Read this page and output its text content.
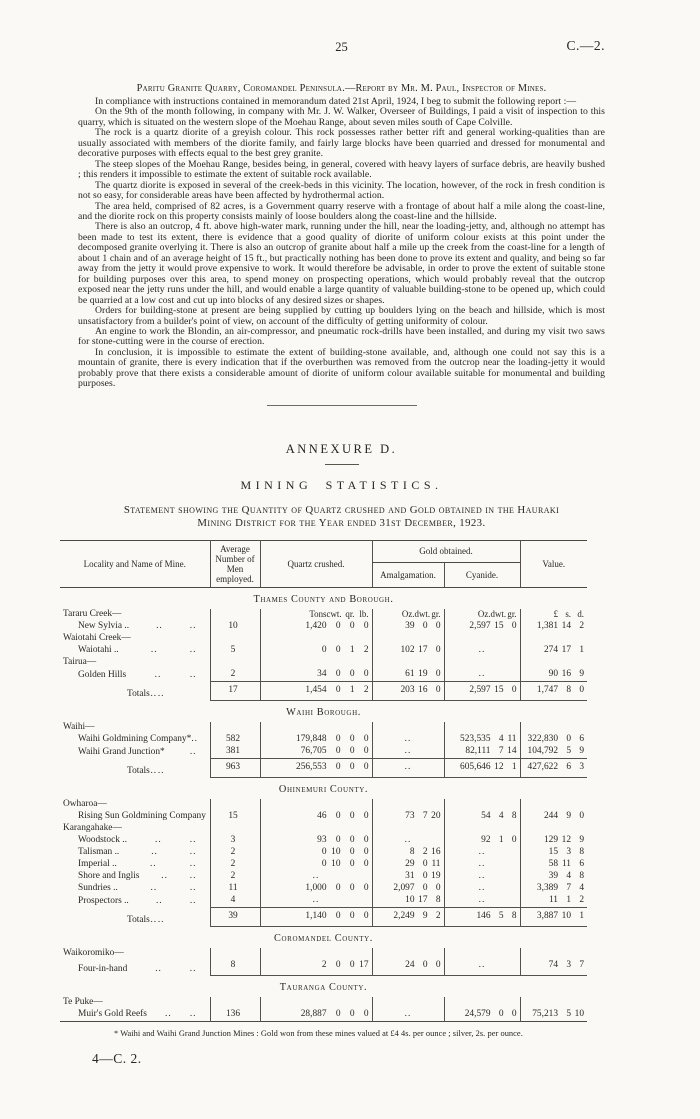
25	C.—2.
Paritu Granite Quarry, Coromandel Peninsula.—Report by Mr. M. Paul, Inspector of Mines.

In compliance with instructions contained in memorandum dated 21st April, 1924, I beg to submit the following report :—

On the 9th of the month following, in company with Mr. J. W. Walker, Overseer of Buildings, I paid a visit of inspection to this quarry, which is situated on the western slope of the Moehau Range, about seven miles south of Cape Colville.

The rock is a quartz diorite of a greyish colour. This rock possesses rather better rift and general working-qualities than are usually associated with members of the diorite family, and fairly large blocks have been quarried and dressed for monumental and decorative purposes with effects equal to the best grey granite.

The steep slopes of the Moehau Range, besides being, in general, covered with heavy layers of surface debris, are heavily bushed ; this renders it impossible to estimate the extent of suitable rock available.

The quartz diorite is exposed in several of the creek-beds in this vicinity. The location, however, of the rock in fresh condition is not so easy, for considerable areas have been affected by hydrothermal action.

The area held, comprised of 82 acres, is a Government quarry reserve with a frontage of about half a mile along the coast-line, and the diorite rock on this property consists mainly of loose boulders along the coast-line and the hillside.

There is also an outcrop, 4 ft. above high-water mark, running under the hill, near the loading-jetty, and, although no attempt has been made to test its extent, there is evidence that a good quality of diorite of uniform colour exists at this point under the decomposed granite overlying it. There is also an outcrop of granite about half a mile up the creek from the coast-line for a length of about 1 chain and of an average height of 15 ft., but practically nothing has been done to prove its extent and quality, and being so far away from the jetty it would prove expensive to work. It would therefore be advisable, in order to prove the extent of suitable stone for building purposes over this area, to spend money on prospecting operations, which would probably reveal that the outcrop exposed near the jetty runs under the hill, and would enable a large quantity of valuable building-stone to be opened up, which could be quarried at a low cost and cut up into blocks of any desired sizes or shapes.

Orders for building-stone at present are being supplied by cutting up boulders lying on the beach and hillside, which is most unsatisfactory from a builder's point of view, on account of the difficulty of getting uniformity of colour.

An engine to work the Blondin, an air-compressor, and pneumatic rock-drills have been installed, and during my visit two saws for stone-cutting were in the course of erection.

In conclusion, it is impossible to estimate the extent of building-stone available, and, although one could not say this is a mountain of granite, there is every indication that if the overburthen was removed from the outcrop near the loading-jetty it would probably prove that there exists a considerable amount of diorite of uniform colour available suitable for monumental and building purposes.

ANNEXURE D.
MINING STATISTICS.
Statement showing the Quantity of Quartz crushed and Gold obtained in the Hauraki
Mining District for the Year ended 31st December, 1923.
Locality and Name of Mine.	Average Number of Men employed.	Quartz crushed.	Gold obtained.		Value.
			Amalgamation.	Cyanide.	
Thames County and Borough.					
Tararu Creek—		Tons cwt. qr. lb.	Oz. dwt. gr.	Oz. dwt. gr.	£ s. d.

New Sylvia .. .. ..	10	1,420 0 0 0	39 0 0	2,597 15 0	1,381 14 2

Waiotahi Creek—					

Waiotahi .. .. ..	5	0 0 1 2	102 17 0	..	274 17 1

Tairua—					

Golden Hills .. ..	2	34 0 0 0	61 19 0	..	90 16 9

Totals .. ..	17	1,454 0 1 2	203 16 0	2,597 15 0	1,747 8 0

Waihi Borough.					
Waihi—					

Waihi Goldmining Company* ..	582	179,848 0 0 0	..	523,535 4 11	322,830 0 6

Waihi Grand Junction* ..	381	76,705 0 0 0	..	82,111 7 14	104,792 5 9

Totals .. ..	963	256,553 0 0 0	..	605,646 12 1	427,622 6 3

Ohinemuri County.					
Owharoa—					

Rising Sun Goldmining Company	15	46 0 0 0	73 7 20	54 4 8	244 9 0

Karangahake—					

Woodstock .. .. ..	3	93 0 0 0	..	92 1 0	129 12 9

Talisman .. .. ..	2	0 10 0 0	8 2 16	..	15 3 8

Imperial .. .. ..	2	0 10 0 0	29 0 11	..	58 11 6

Shore and Inglis .. ..	2	..	31 0 19	..	39 4 8

Sundries .. .. ..	11	1,000 0 0 0	2,097 0 0	..	3,389 7 4

Prospectors .. .. ..	4	..	10 17 8	..	11 1 2

Totals .. ..	39	1,140 0 0 0	2,249 9 2	146 5 8	3,887 10 1

Coromandel County.					
Waikoromiko—					

Four-in-hand .. ..	8	2 0 0 17	24 0 0	..	74 3 7

Tauranga County.					
Te Puke—					

Muir's Gold Reefs .. ..	136	28,887 0 0 0	..	24,579 0 0	75,213 5 10
* Waihi and Waihi Grand Junction Mines : Gold won from these mines valued at £4 4s. per ounce ; silver, 2s. per ounce.
4—C. 2.
